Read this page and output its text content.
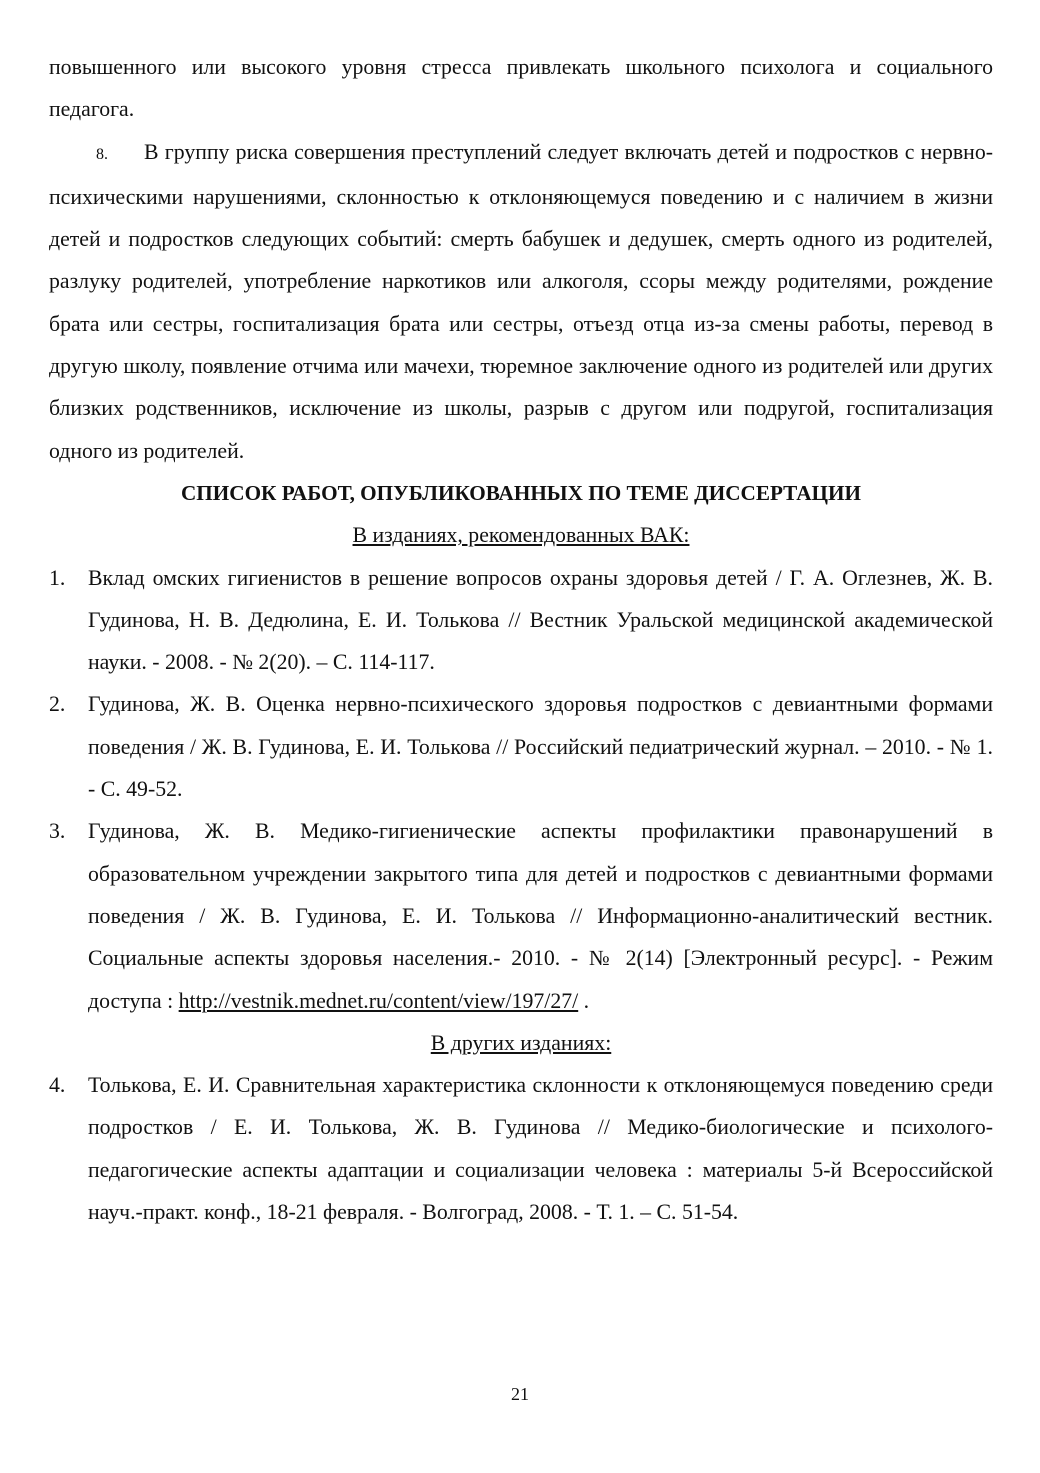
повышенного или высокого уровня стресса привлекать школьного психолога и социального педагога.

8. В группу риска совершения преступлений следует включать детей и подростков с нервно-психическими нарушениями, склонностью к отклоняющемуся поведению и с наличием в жизни детей и подростков следующих событий: смерть бабушек и дедушек, смерть одного из родителей, разлуку родителей, употребление наркотиков или алкоголя, ссоры между родителями, рождение брата или сестры, госпитализация брата или сестры, отъезд отца из-за смены работы, перевод в другую школу, появление отчима или мачехи, тюремное заключение одного из родителей или других близких родственников, исключение из школы, разрыв с другом или подругой, госпитализация одного из родителей.

СПИСОК РАБОТ, ОПУБЛИКОВАННЫХ ПО ТЕМЕ ДИССЕРТАЦИИ

В изданиях, рекомендованных ВАК:

1. Вклад омских гигиенистов в решение вопросов охраны здоровья детей / Г. А. Оглезнев, Ж. В. Гудинова, Н. В. Дедюлина, Е. И. Толькова // Вестник Уральской медицинской академической науки. - 2008. - № 2(20). – С. 114-117.
2. Гудинова, Ж. В. Оценка нервно-психического здоровья подростков с девиантными формами поведения / Ж. В. Гудинова, Е. И. Толькова // Российский педиатрический журнал. – 2010. - № 1. - С. 49-52.
3. Гудинова, Ж. В. Медико-гигиенические аспекты профилактики правонарушений в образовательном учреждении закрытого типа для детей и подростков с девиантными формами поведения / Ж. В. Гудинова, Е. И. Толькова // Информационно-аналитический вестник. Социальные аспекты здоровья населения.- 2010. - № 2(14) [Электронный ресурс]. - Режим доступа : http://vestnik.mednet.ru/content/view/197/27/ .

В других изданиях:

4. Толькова, Е. И. Сравнительная характеристика склонности к отклоняющемуся поведению среди подростков / Е. И. Толькова, Ж. В. Гудинова // Медико-биологические и психолого-педагогические аспекты адаптации и социализации человека : материалы 5-й Всероссийской науч.-практ. конф., 18-21 февраля. - Волгоград, 2008. - Т. 1. – С. 51-54.
21
